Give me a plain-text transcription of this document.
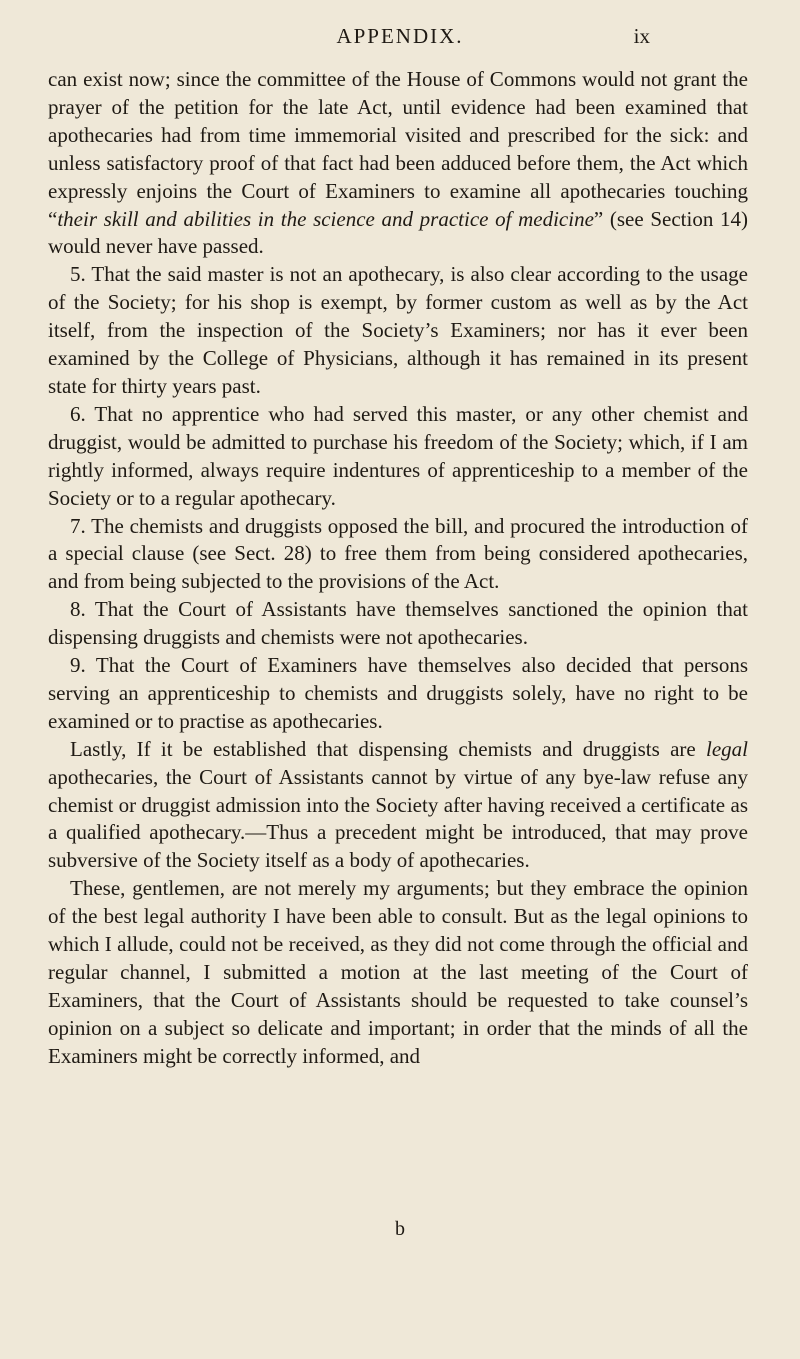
APPENDIX.	ix

can exist now; since the committee of the House of Commons would not grant the prayer of the petition for the late Act, until evidence had been examined that apothecaries had from time immemorial visited and prescribed for the sick: and unless satisfactory proof of that fact had been adduced before them, the Act which expressly enjoins the Court of Examiners to examine all apothecaries touching “their skill and abilities in the science and practice of medicine” (see Section 14) would never have passed.

5. That the said master is not an apothecary, is also clear according to the usage of the Society; for his shop is exempt, by former custom as well as by the Act itself, from the inspection of the Society’s Examiners; nor has it ever been examined by the College of Physicians, although it has remained in its present state for thirty years past.

6. That no apprentice who had served this master, or any other chemist and druggist, would be admitted to purchase his freedom of the Society; which, if I am rightly informed, always require indentures of apprenticeship to a member of the Society or to a regular apothecary.

7. The chemists and druggists opposed the bill, and procured the introduction of a special clause (see Sect. 28) to free them from being considered apothecaries, and from being subjected to the provisions of the Act.

8. That the Court of Assistants have themselves sanctioned the opinion that dispensing druggists and chemists were not apothecaries.

9. That the Court of Examiners have themselves also decided that persons serving an apprenticeship to chemists and druggists solely, have no right to be examined or to practise as apothecaries.

Lastly, If it be established that dispensing chemists and druggists are legal apothecaries, the Court of Assistants cannot by virtue of any bye-law refuse any chemist or druggist admission into the Society after having received a certificate as a qualified apothecary.—Thus a precedent might be introduced, that may prove subversive of the Society itself as a body of apothecaries.

These, gentlemen, are not merely my arguments; but they embrace the opinion of the best legal authority I have been able to consult. But as the legal opinions to which I allude, could not be received, as they did not come through the official and regular channel, I submitted a motion at the last meeting of the Court of Examiners, that the Court of Assistants should be requested to take counsel’s opinion on a subject so delicate and important; in order that the minds of all the Examiners might be correctly informed, and

b
